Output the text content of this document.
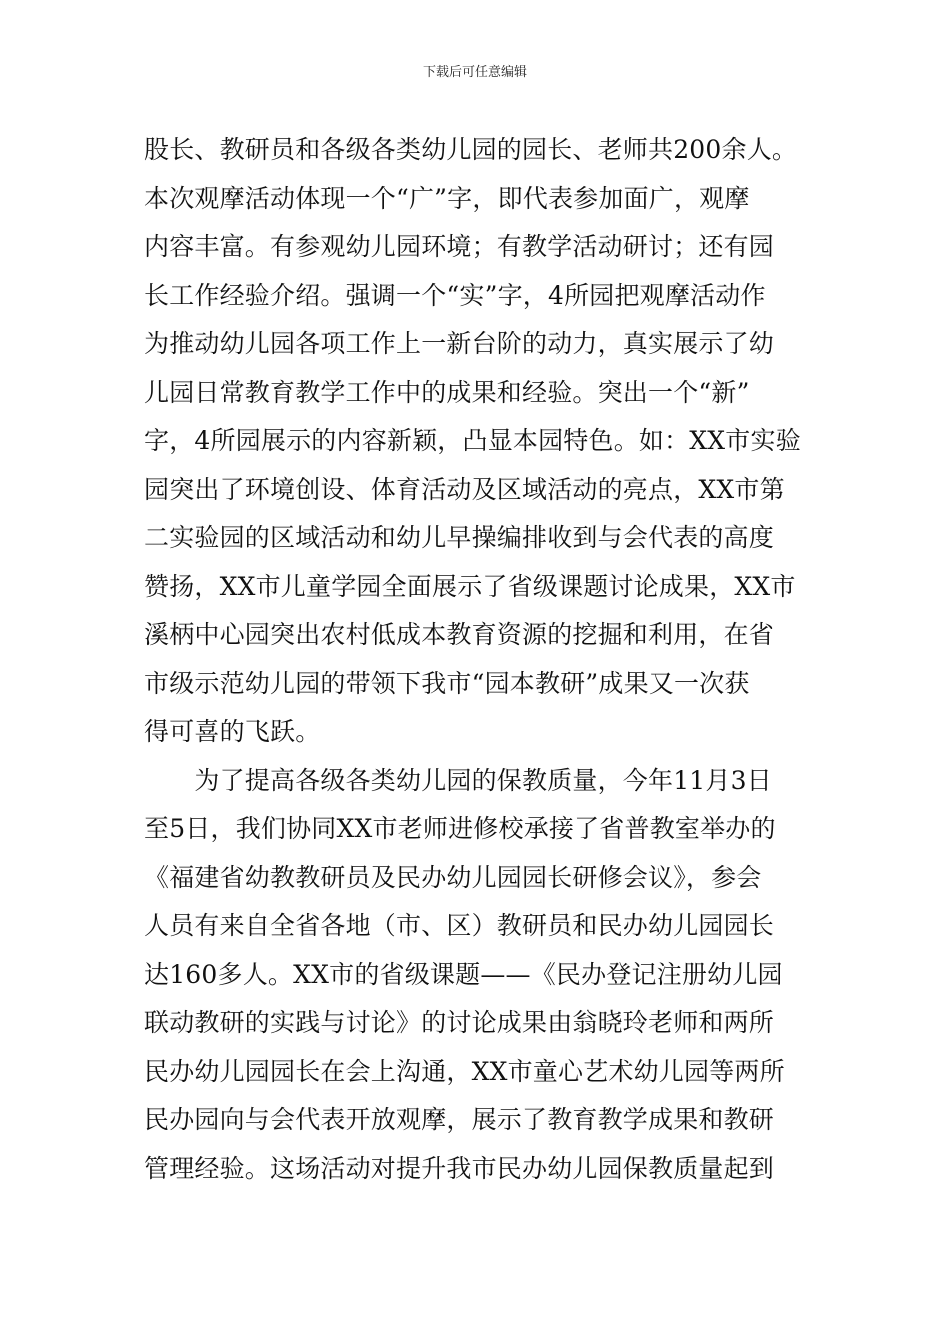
下载后可任意编辑
股长、教研员和各级各类幼儿园的园长、老师共200余人。
本次观摩活动体现一个“广”字，即代表参加面广，观摩
内容丰富。有参观幼儿园环境；有教学活动研讨；还有园
长工作经验介绍。强调一个“实”字，4所园把观摩活动作
为推动幼儿园各项工作上一新台阶的动力，真实展示了幼
儿园日常教育教学工作中的成果和经验。突出一个“新”
字，4所园展示的内容新颖，凸显本园特色。如：XX市实验
园突出了环境创设、体育活动及区域活动的亮点，XX市第
二实验园的区域活动和幼儿早操编排收到与会代表的高度
赞扬，XX市儿童学园全面展示了省级课题讨论成果，XX市
溪柄中心园突出农村低成本教育资源的挖掘和利用，在省
市级示范幼儿园的带领下我市“园本教研”成果又一次获
得可喜的飞跃。
　　为了提高各级各类幼儿园的保教质量，今年11月3日
至5日，我们协同XX市老师进修校承接了省普教室举办的
《福建省幼教教研员及民办幼儿园园长研修会议》，参会
人员有来自全省各地（市、区）教研员和民办幼儿园园长
达160多人。XX市的省级课题——《民办登记注册幼儿园
联动教研的实践与讨论》的讨论成果由翁晓玲老师和两所
民办幼儿园园长在会上沟通，XX市童心艺术幼儿园等两所
民办园向与会代表开放观摩，展示了教育教学成果和教研
管理经验。这场活动对提升我市民办幼儿园保教质量起到
